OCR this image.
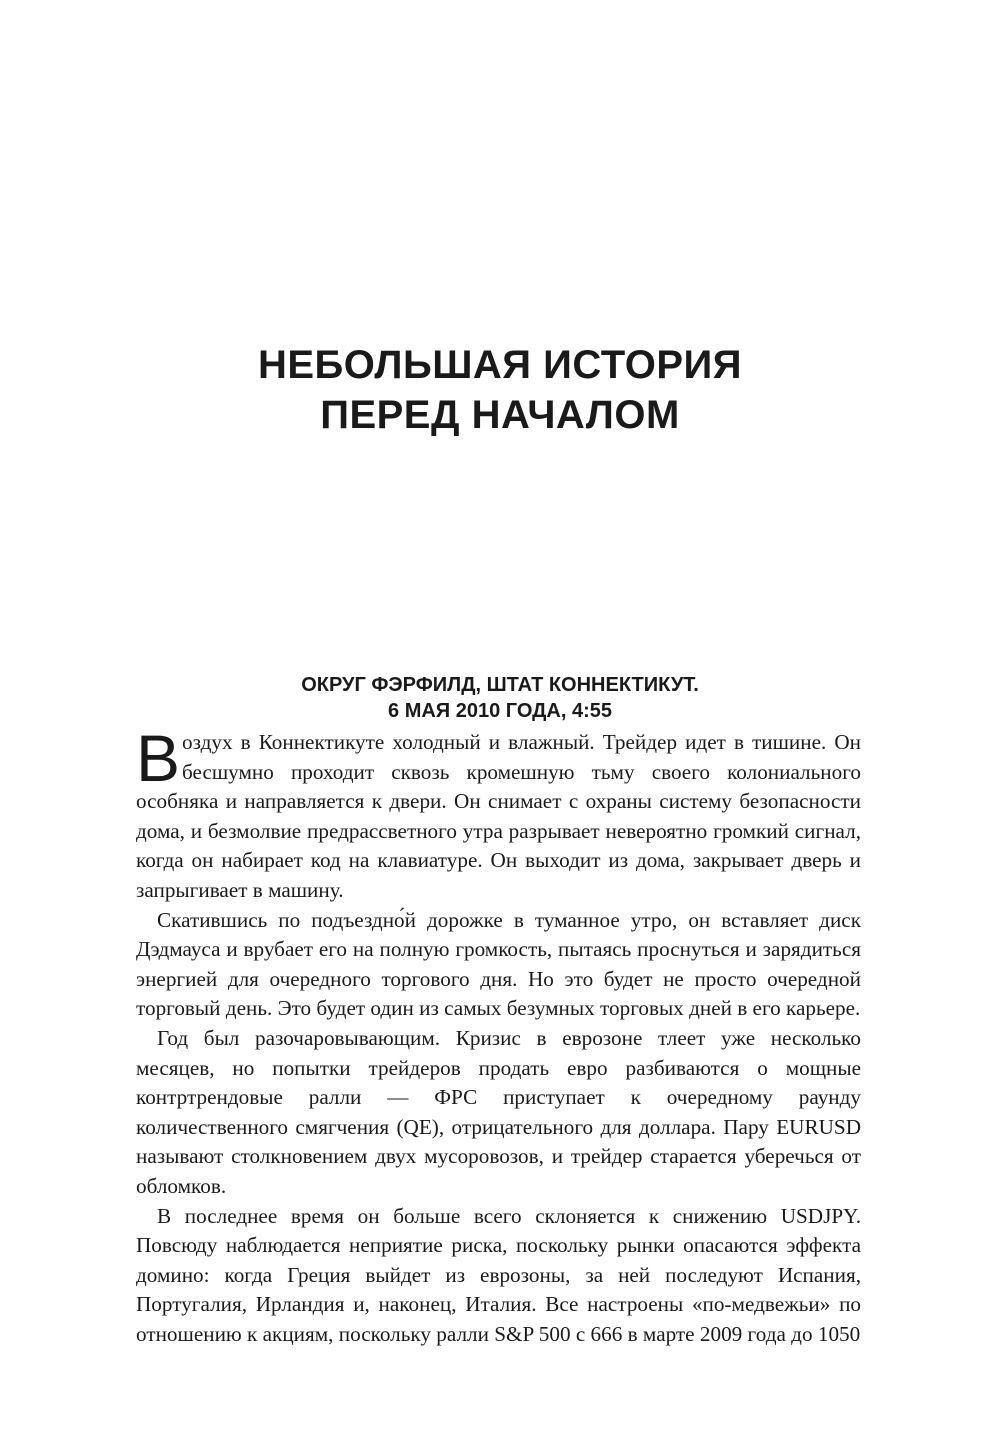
НЕБОЛЬШАЯ ИСТОРИЯ
ПЕРЕД НАЧАЛОМ
ОКРУГ ФЭРФИЛД, ШТАТ КОННЕКТИКУТ.
6 МАЯ 2010 ГОДА, 4:55

Воздух в Коннектикуте холодный и влажный. Трейдер идет в тишине. Он бесшумно проходит сквозь кромешную тьму своего колониального особняка и направляется к двери. Он снимает с охраны систему безопасности дома, и безмолвие предрассветного утра разрывает невероятно громкий сигнал, когда он набирает код на клавиатуре. Он выходит из дома, закрывает дверь и запрыгивает в машину.

Скатившись по подъездно́й дорожке в туманное утро, он вставляет диск Дэдмауса и врубает его на полную громкость, пытаясь проснуться и зарядиться энергией для очередного торгового дня. Но это будет не просто очередной торговый день. Это будет один из самых безумных торговых дней в его карьере.

Год был разочаровывающим. Кризис в еврозоне тлеет уже несколько месяцев, но попытки трейдеров продать евро разбиваются о мощные контртрендовые ралли — ФРС приступает к очередному раунду количественного смягчения (QE), отрицательного для доллара. Пару EURUSD называют столкновением двух мусоровозов, и трейдер старается уберечься от обломков.

В последнее время он больше всего склоняется к снижению USDJPY. Повсюду наблюдается неприятие риска, поскольку рынки опасаются эффекта домино: когда Греция выйдет из еврозоны, за ней последуют Испания, Португалия, Ирландия и, наконец, Италия. Все настроены «по-медвежьи» по отношению к акциям, поскольку ралли S&P 500 с 666 в марте 2009 года до 1050
